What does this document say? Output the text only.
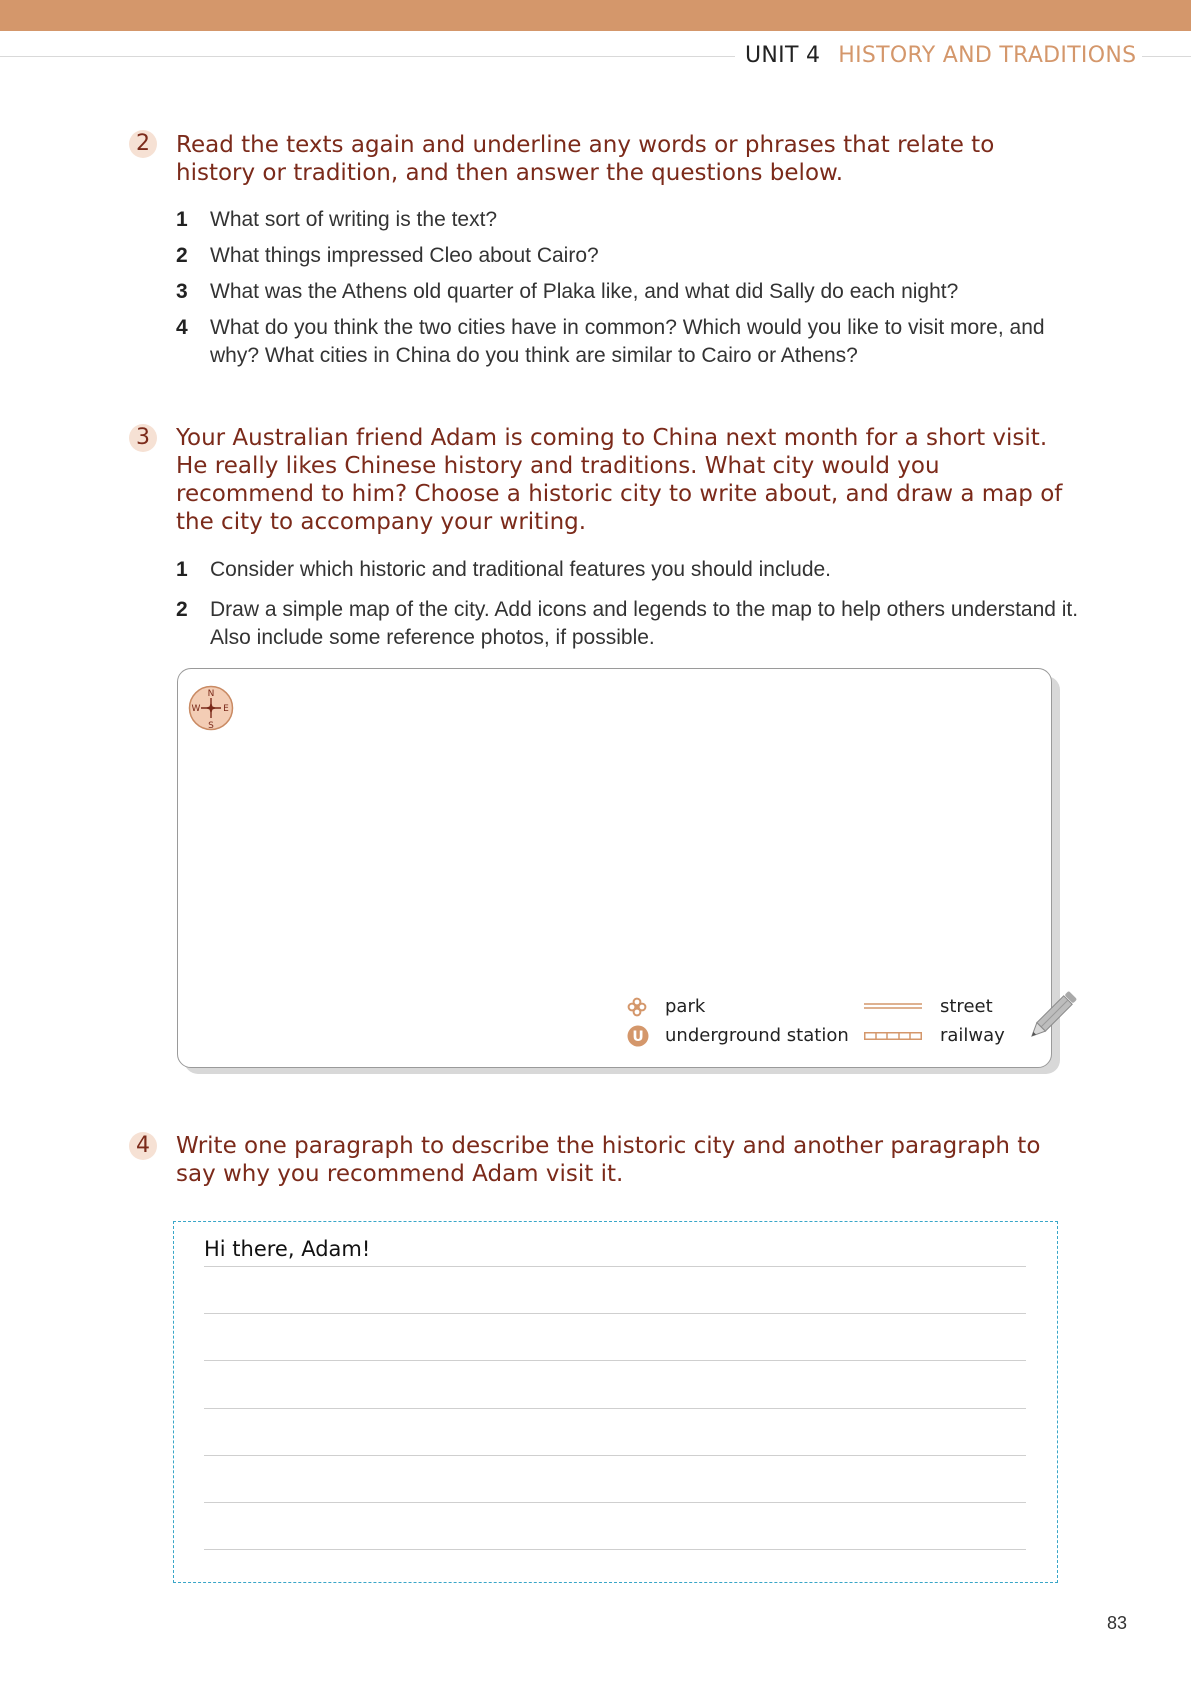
UNIT 4 HISTORY AND TRADITIONS
2	Read the texts again and underline any words or phrases that relate to history or tradition, and then answer the questions below.
1 What sort of writing is the text?
2 What things impressed Cleo about Cairo?
3 What was the Athens old quarter of Plaka like, and what did Sally do each night?
4 What do you think the two cities have in common? Which would you like to visit more, and why? What cities in China do you think are similar to Cairo or Athens?
3	Your Australian friend Adam is coming to China next month for a short visit. He really likes Chinese history and traditions. What city would you recommend to him? Choose a historic city to write about, and draw a map of the city to accompany your writing.
1 Consider which historic and traditional features you should include.
2 Draw a simple map of the city. Add icons and legends to the map to help others understand it. Also include some reference photos, if possible.
N
S
E
W
park
U underground station
street
railway
4	Write one paragraph to describe the historic city and another paragraph to say why you recommend Adam visit it.
Hi there, Adam!
83
